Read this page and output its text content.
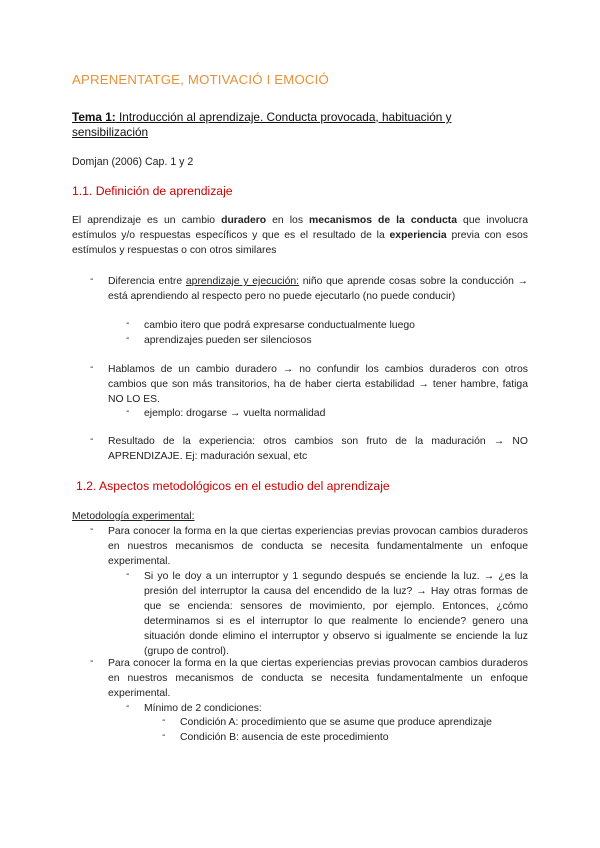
APRENENTATGE, MOTIVACIÓ I EMOCIÓ
Tema 1: Introducción al aprendizaje. Conducta provocada, habituación y sensibilización
Domjan (2006) Cap. 1 y 2
1.1. Definición de aprendizaje
El aprendizaje es un cambio duradero en los mecanismos de la conducta que involucra estímulos y/o respuestas específicos y que es el resultado de la experiencia previa con esos estímulos y respuestas o con otros similares
- Diferencia entre aprendizaje y ejecución: niño que aprende cosas sobre la conducción → está aprendiendo al respecto pero no puede ejecutarlo (no puede conducir)
- cambio itero que podrá expresarse conductualmente luego
- aprendizajes pueden ser silenciosos
- Hablamos de un cambio duradero → no confundir los cambios duraderos con otros cambios que son más transitorios, ha de haber cierta estabilidad → tener hambre, fatiga NO LO ES.
- ejemplo: drogarse → vuelta normalidad
- Resultado de la experiencia: otros cambios son fruto de la maduración → NO APRENDIZAJE. Ej: maduración sexual, etc
1.2. Aspectos metodológicos en el estudio del aprendizaje
Metodología experimental:
- Para conocer la forma en la que ciertas experiencias previas provocan cambios duraderos en nuestros mecanismos de conducta se necesita fundamentalmente un enfoque experimental.
- Si yo le doy a un interruptor y 1 segundo después se enciende la luz. → ¿es la presión del interruptor la causa del encendido de la luz? → Hay otras formas de que se encienda: sensores de movimiento, por ejemplo. Entonces, ¿cómo determinamos si es el interruptor lo que realmente lo enciende? genero una situación donde elimino el interruptor y observo si igualmente se enciende la luz (grupo de control).
- Para conocer la forma en la que ciertas experiencias previas provocan cambios duraderos en nuestros mecanismos de conducta se necesita fundamentalmente un enfoque experimental.
- Mínimo de 2 condiciones:
- Condición A: procedimiento que se asume que produce aprendizaje
- Condición B: ausencia de este procedimiento
